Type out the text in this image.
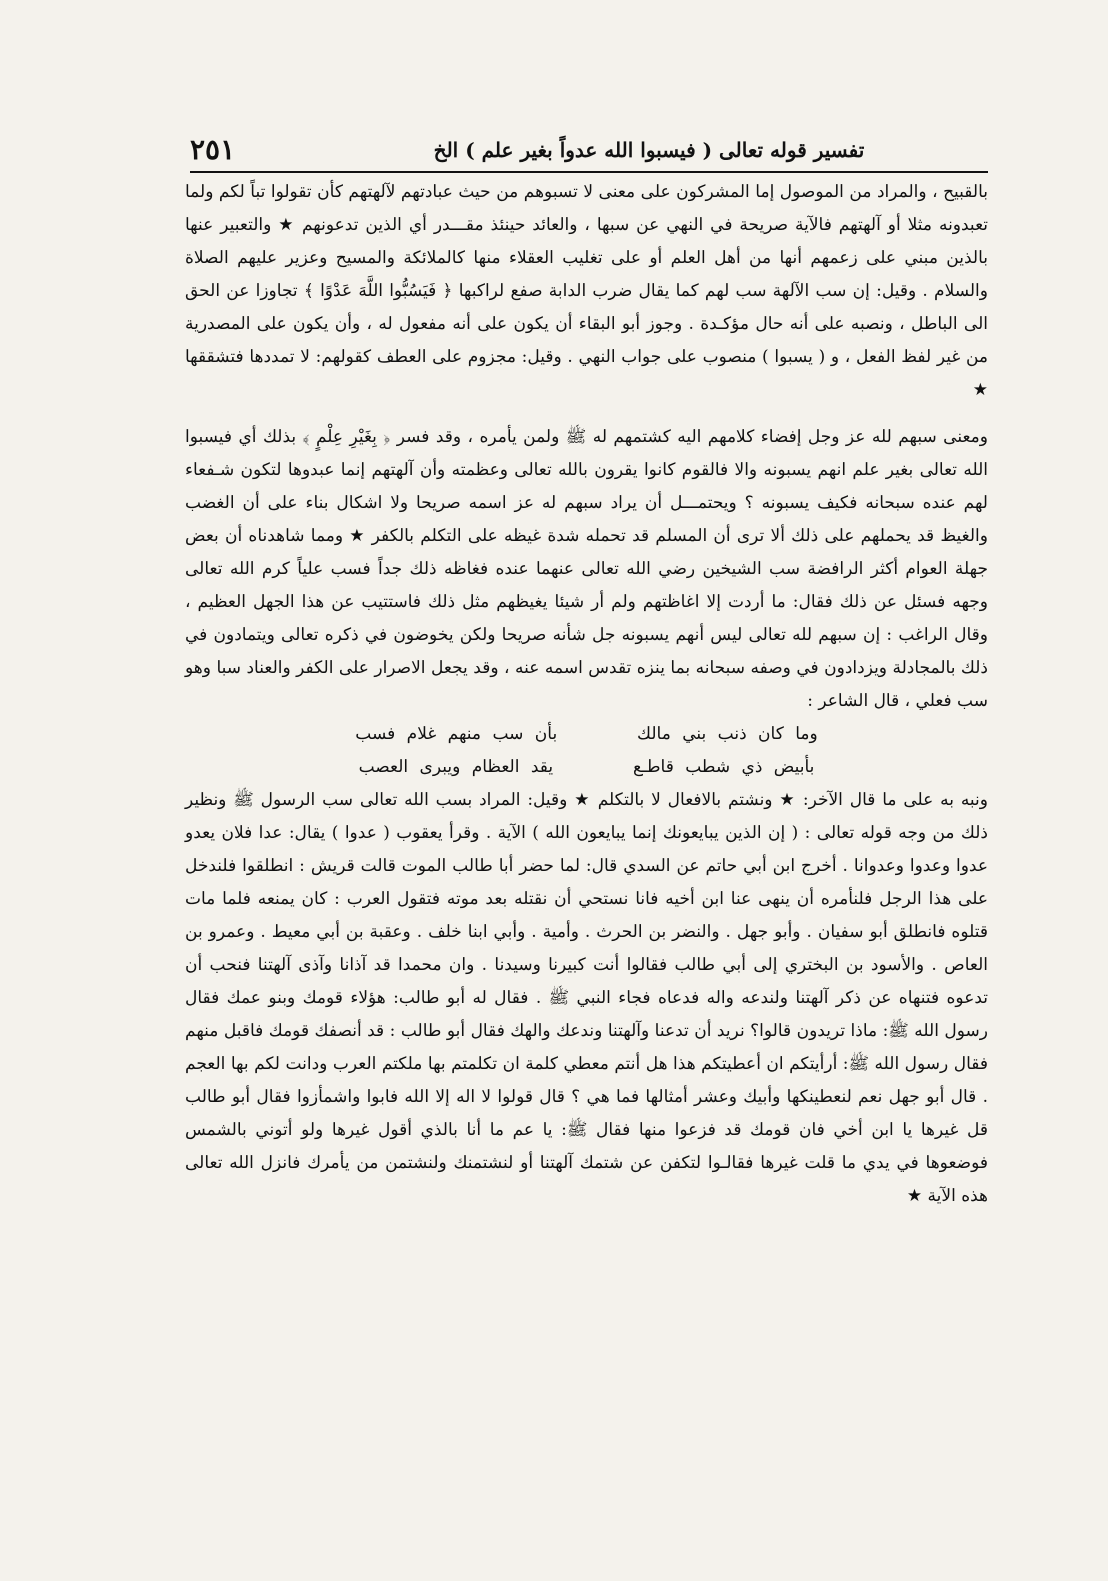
تفسير قوله تعالى ( فيسبوا الله عدواً بغير علم ) الخ
٢٥١

بالقبيح ، والمراد من الموصول إما المشركون على معنى لا تسبوهم من حيث عبادتهم لآلهتهم كأن تقولوا تباً لكم ولما تعبدونه مثلا أو آلهتهم فالآية صريحة في النهي عن سبها ، والعائد حينئذ مقـــدر أي الذين تدعونهم ★ والتعبير عنها بالذين مبني على زعمهم أنها من أهل العلم أو على تغليب العقلاء منها كالملائكة والمسيح وعزير عليهم الصلاة والسلام . وقيل: إن سب الآلهة سب لهم كما يقال ضرب الدابة صفع لراكبها ﴿ فَيَسُبُّوا اللَّهَ عَدْوًا ﴾ تجاوزا عن الحق الى الباطل ، ونصبه على أنه حال مؤكـدة . وجوز أبو البقاء أن يكون على أنه مفعول له ، وأن يكون على المصدرية من غير لفظ الفعل ، و ( يسبوا ) منصوب على جواب النهي . وقيل: مجزوم على العطف كقولهم: لا تمددها فتشققها ★

ومعنى سبهم لله عز وجل إفضاء كلامهم اليه كشتمهم له ﷺ ولمن يأمره ، وقد فسر ﴿ بِغَيْرِ عِلْمٍ ﴾ بذلك أي فيسبوا الله تعالى بغير علم انهم يسبونه والا فالقوم كانوا يقرون بالله تعالى وعظمته وأن آلهتهم إنما عبدوها لتكون شـفعاء لهم عنده سبحانه فكيف يسبونه ؟ ويحتمـــل أن يراد سبهم له عز اسمه صريحا ولا اشكال بناء على أن الغضب والغيظ قد يحملهم على ذلك ألا ترى أن المسلم قد تحمله شدة غيظه على التكلم بالكفر ★ ومما شاهدناه أن بعض جهلة العوام أكثر الرافضة سب الشيخين رضي الله تعالى عنهما عنده فغاظه ذلك جداً فسب علياً كرم الله تعالى وجهه فسئل عن ذلك فقال: ما أردت إلا اغاظتهم ولم أر شيئا يغيظهم مثل ذلك فاستتيب عن هذا الجهل العظيم ، وقال الراغب : إن سبهم لله تعالى ليس أنهم يسبونه جل شأنه صريحا ولكن يخوضون في ذكره تعالى ويتمادون في ذلك بالمجادلة ويزدادون في وصفه سبحانه بما ينزه تقدس اسمه عنه ، وقد يجعل الاصرار على الكفر والعناد سبا وهو سب فعلي ، قال الشاعر :

وما كان ذنب بني مالك       بأن سب منهم غلام فسب

بأبيض ذي شطب قاطـع       يقد العظام ويبرى العصب

ونبه به على ما قال الآخر: ★ ونشتم بالافعال لا بالتكلم ★ وقيل: المراد بسب الله تعالى سب الرسول ﷺ ونظير ذلك من وجه قوله تعالى : ( إن الذين يبايعونك إنما يبايعون الله ) الآية . وقرأ يعقوب ( عدوا ) يقال: عدا فلان يعدو عدوا وعدوا وعدوانا . أخرج ابن أبي حاتم عن السدي قال: لما حضر أبا طالب الموت قالت قريش : انطلقوا فلندخل على هذا الرجل فلنأمره أن ينهى عنا ابن أخيه فانا نستحي أن نقتله بعد موته فتقول العرب : كان يمنعه فلما مات قتلوه فانطلق أبو سفيان . وأبو جهل . والنضر بن الحرث . وأمية . وأبي ابنا خلف . وعقبة بن أبي معيط . وعمرو بن العاص . والأسود بن البختري إلى أبي طالب فقالوا أنت كبيرنا وسيدنا . وان محمدا قد آذانا وآذى آلهتنا فنحب أن تدعوه فتنهاه عن ذكر آلهتنا ولندعه واله فدعاه فجاء النبي ﷺ . فقال له أبو طالب: هؤلاء قومك وبنو عمك فقال رسول الله ﷺ: ماذا تريدون قالوا؟ نريد أن تدعنا وآلهتنا وندعك والهك فقال أبو طالب : قد أنصفك قومك فاقبل منهم فقال رسول الله ﷺ: أرأيتكم ان أعطيتكم هذا هل أنتم معطي كلمة ان تكلمتم بها ملكتم العرب ودانت لكم بها العجم . قال أبو جهل نعم لنعطينكها وأبيك وعشر أمثالها فما هي ؟ قال قولوا لا اله إلا الله فابوا واشمأزوا فقال أبو طالب قل غيرها يا ابن أخي فان قومك قد فزعوا منها فقال ﷺ: يا عم ما أنا بالذي أقول غيرها ولو أتوني بالشمس فوضعوها في يدي ما قلت غيرها فقالـوا لتكفن عن شتمك آلهتنا أو لنشتمنك ولنشتمن من يأمرك فانزل الله تعالى هذه الآية ★
